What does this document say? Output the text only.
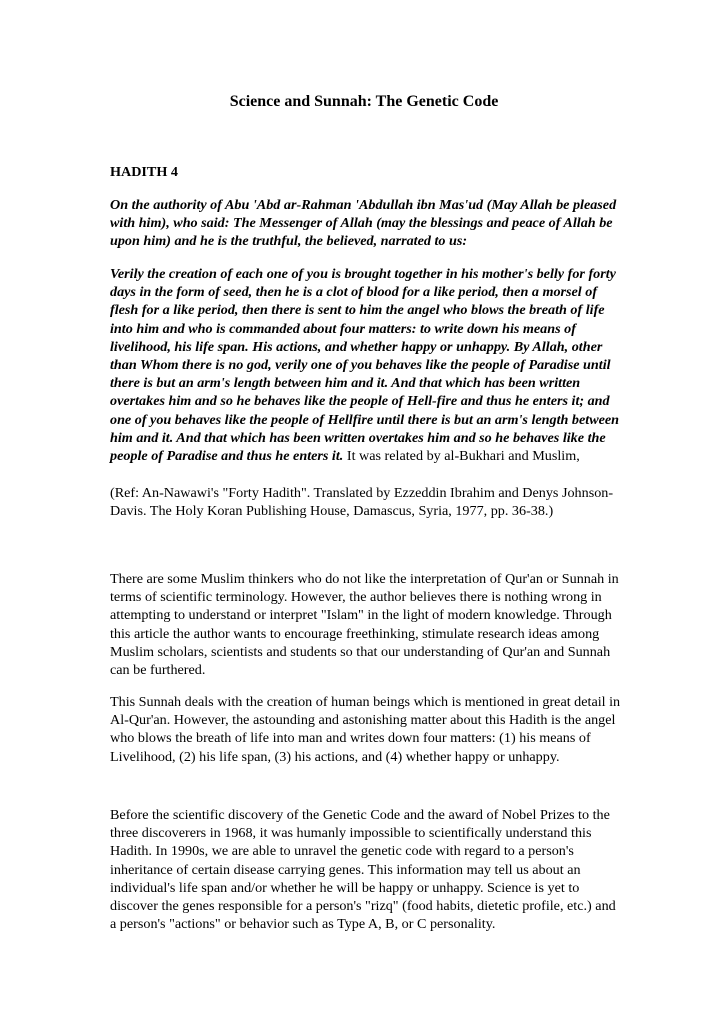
Science and Sunnah: The Genetic Code

HADITH 4

On the authority of Abu 'Abd ar-Rahman 'Abdullah ibn Mas'ud (May Allah be pleased with him), who said: The Messenger of Allah (may the blessings and peace of Allah be upon him) and he is the truthful, the believed, narrated to us:

Verily the creation of each one of you is brought together in his mother's belly for forty days in the form of seed, then he is a clot of blood for a like period, then a morsel of flesh for a like period, then there is sent to him the angel who blows the breath of life into him and who is commanded about four matters: to write down his means of livelihood, his life span. His actions, and whether happy or unhappy. By Allah, other than Whom there is no god, verily one of you behaves like the people of Paradise until there is but an arm's length between him and it. And that which has been written overtakes him and so he behaves like the people of Hell-fire and thus he enters it; and one of you behaves like the people of Hellfire until there is but an arm's length between him and it. And that which has been written overtakes him and so he behaves like the people of Paradise and thus he enters it. It was related by al-Bukhari and Muslim,

(Ref: An-Nawawi's "Forty Hadith". Translated by Ezzeddin Ibrahim and Denys Johnson-Davis. The Holy Koran Publishing House, Damascus, Syria, 1977, pp. 36-38.)

There are some Muslim thinkers who do not like the interpretation of Qur'an or Sunnah in terms of scientific terminology. However, the author believes there is nothing wrong in attempting to understand or interpret "Islam" in the light of modern knowledge. Through this article the author wants to encourage freethinking, stimulate research ideas among Muslim scholars, scientists and students so that our understanding of Qur'an and Sunnah can be furthered.

This Sunnah deals with the creation of human beings which is mentioned in great detail in Al-Qur'an. However, the astounding and astonishing matter about this Hadith is the angel who blows the breath of life into man and writes down four matters: (1) his means of Livelihood, (2) his life span, (3) his actions, and (4) whether happy or unhappy.

Before the scientific discovery of the Genetic Code and the award of Nobel Prizes to the three discoverers in 1968, it was humanly impossible to scientifically understand this Hadith. In 1990s, we are able to unravel the genetic code with regard to a person's inheritance of certain disease carrying genes. This information may tell us about an individual's life span and/or whether he will be happy or unhappy. Science is yet to discover the genes responsible for a person's "rizq" (food habits, dietetic profile, etc.) and a person's "actions" or behavior such as Type A, B, or C personality.
